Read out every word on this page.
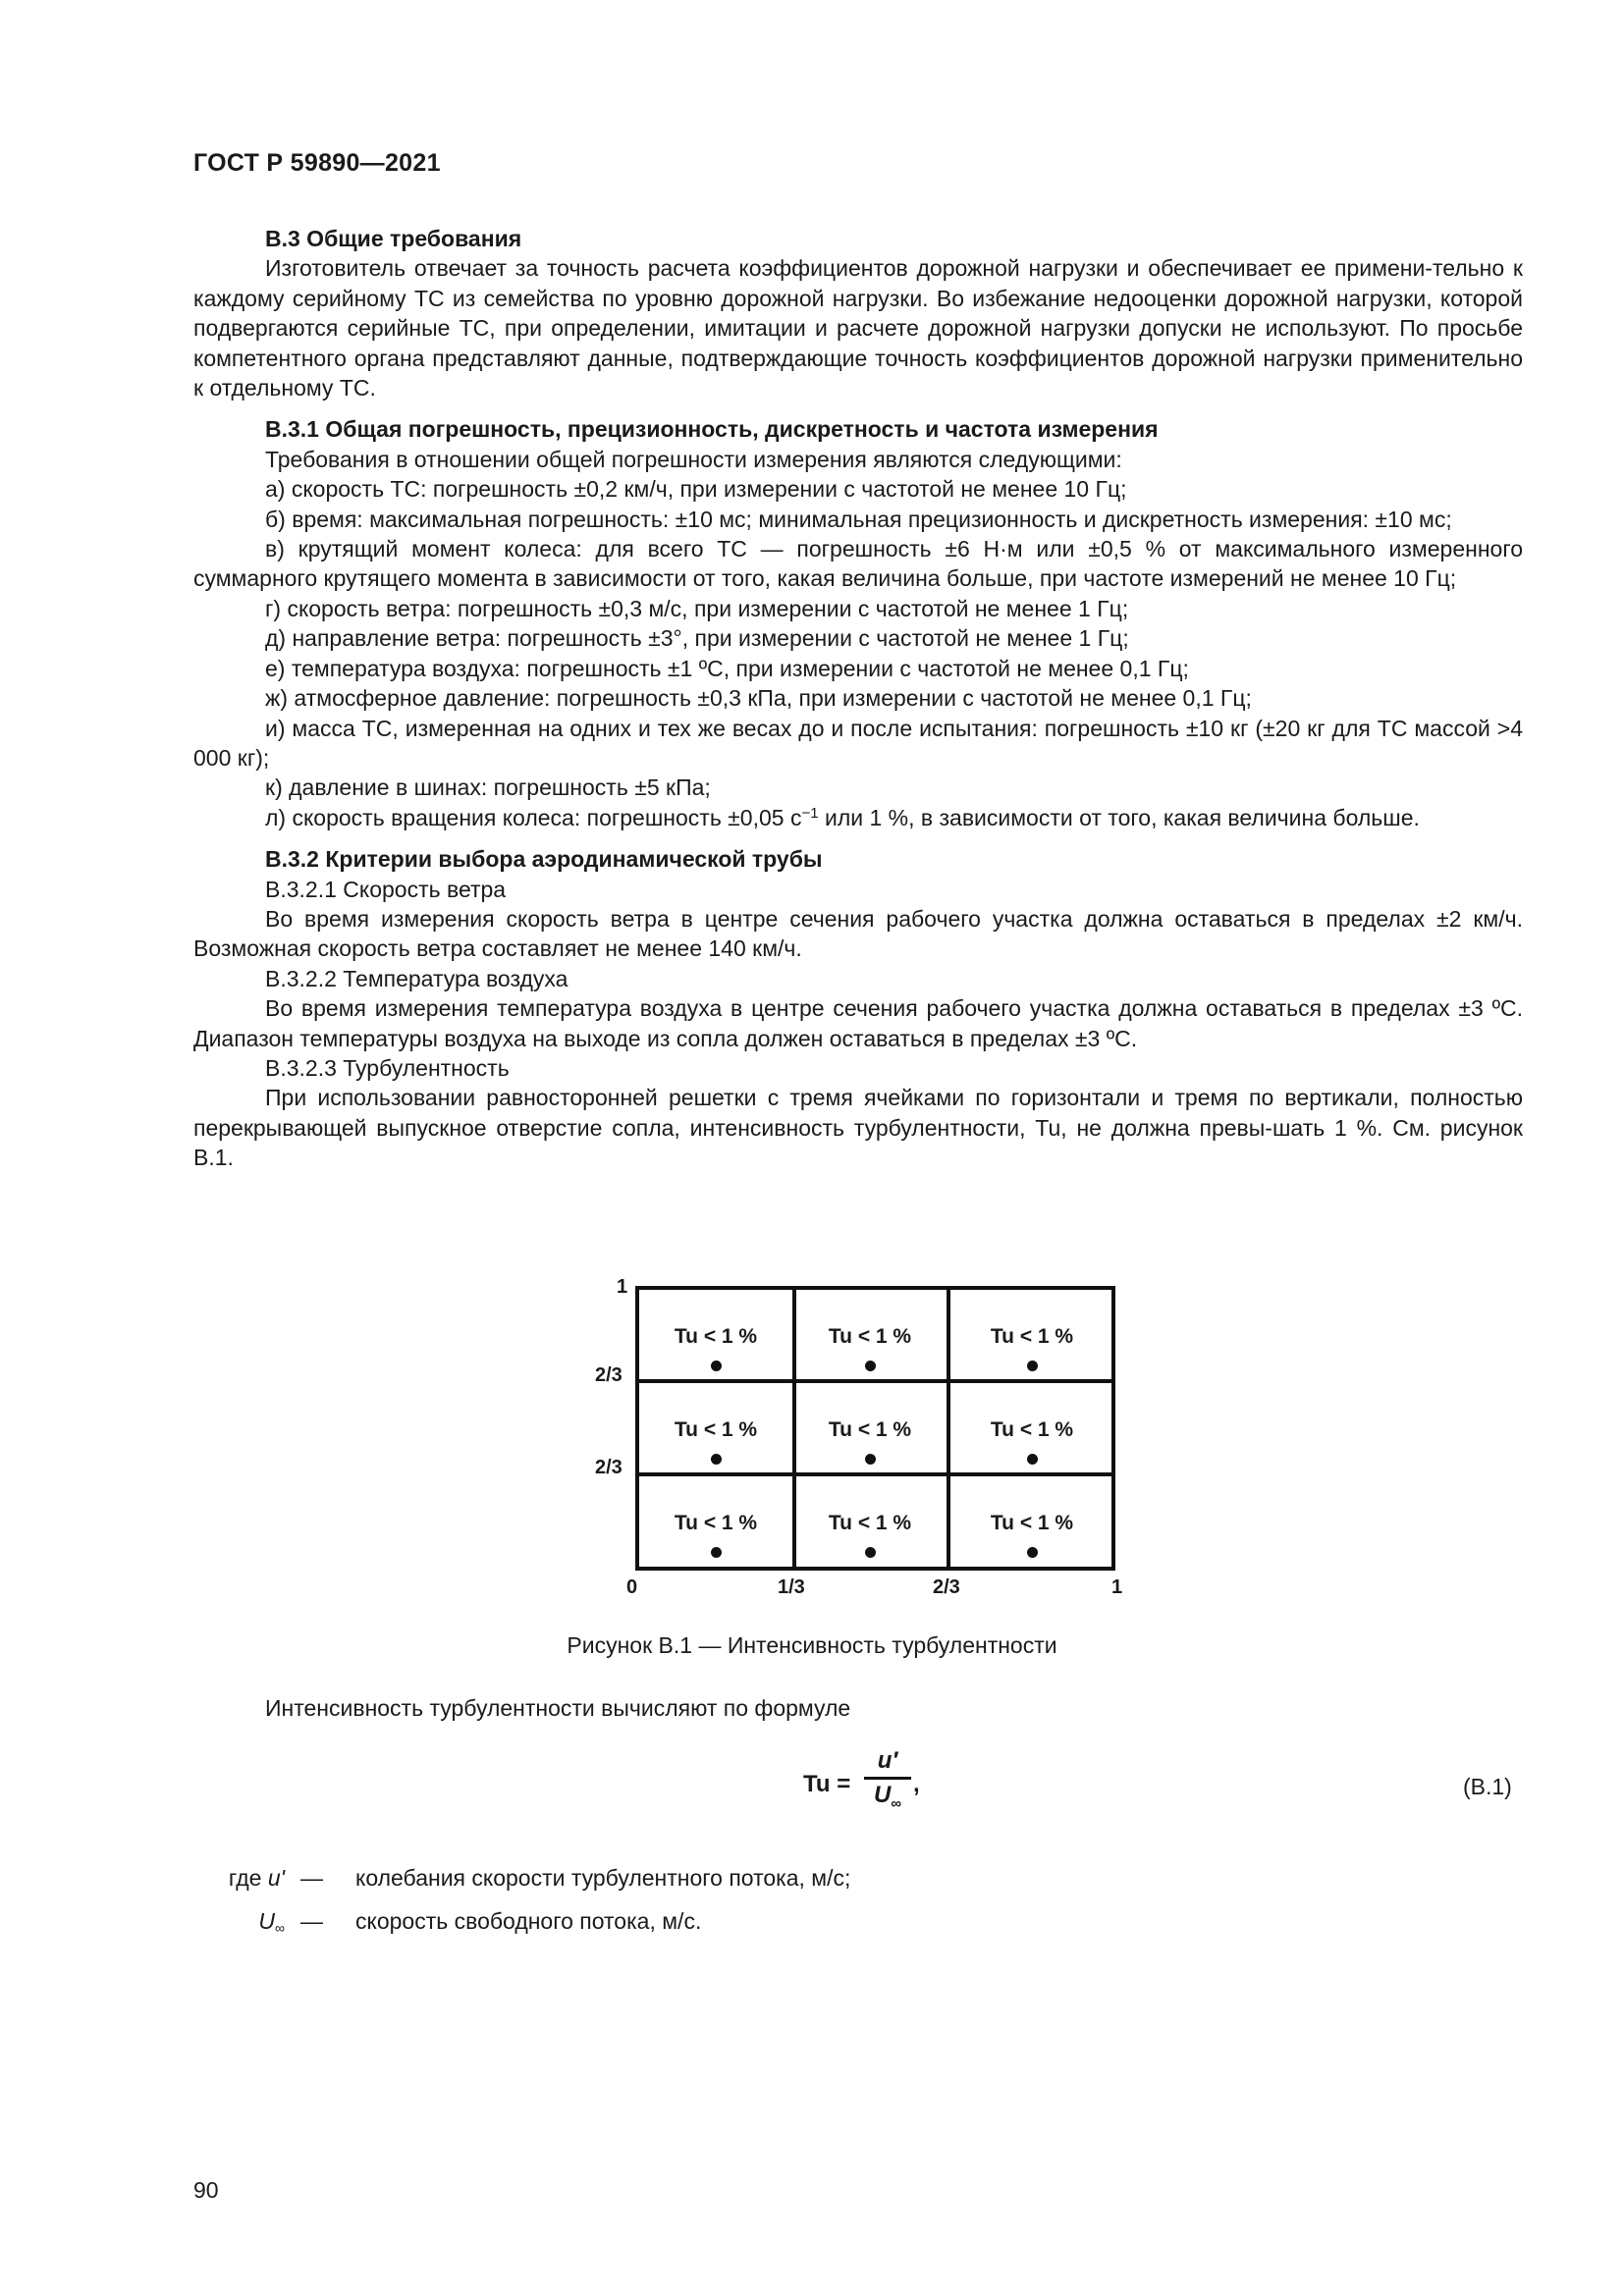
ГОСТ Р 59890—2021

В.3 Общие требования

Изготовитель отвечает за точность расчета коэффициентов дорожной нагрузки и обеспечивает ее примени-тельно к каждому серийному ТС из семейства по уровню дорожной нагрузки. Во избежание недооценки дорожной нагрузки, которой подвергаются серийные ТС, при определении, имитации и расчете дорожной нагрузки допуски не используют. По просьбе компетентного органа представляют данные, подтверждающие точность коэффициентов дорожной нагрузки применительно к отдельному ТС.

В.3.1 Общая погрешность, прецизионность, дискретность и частота измерения

Требования в отношении общей погрешности измерения являются следующими:

а) скорость ТС: погрешность ±0,2 км/ч, при измерении с частотой не менее 10 Гц;

б) время: максимальная погрешность: ±10 мс; минимальная прецизионность и дискретность измерения: ±10 мс;

в) крутящий момент колеса: для всего ТС — погрешность ±6 Н·м или ±0,5 % от максимального измеренного суммарного крутящего момента в зависимости от того, какая величина больше, при частоте измерений не менее 10 Гц;

г) скорость ветра: погрешность ±0,3 м/с, при измерении с частотой не менее 1 Гц;

д) направление ветра: погрешность ±3°, при измерении с частотой не менее 1 Гц;

е) температура воздуха: погрешность ±1 ºС, при измерении с частотой не менее 0,1 Гц;

ж) атмосферное давление: погрешность ±0,3 кПа, при измерении с частотой не менее 0,1 Гц;

и) масса ТС, измеренная на одних и тех же весах до и после испытания: погрешность ±10 кг (±20 кг для ТС массой >4 000 кг);

к) давление в шинах: погрешность ±5 кПа;

л) скорость вращения колеса: погрешность ±0,05 $с^{-1}$ или 1 %, в зависимости от того, какая величина больше.

В.3.2 Критерии выбора аэродинамической трубы

В.3.2.1 Скорость ветра

Во время измерения скорость ветра в центре сечения рабочего участка должна оставаться в пределах ±2 км/ч. Возможная скорость ветра составляет не менее 140 км/ч.

В.3.2.2 Температура воздуха

Во время измерения температура воздуха в центре сечения рабочего участка должна оставаться в пределах ±3 ºС. Диапазон температуры воздуха на выходе из сопла должен оставаться в пределах ±3 ºС.

В.3.2.3 Турбулентность

При использовании равносторонней решетки с тремя ячейками по горизонтали и тремя по вертикали, полностью перекрывающей выпускное отверстие сопла, интенсивность турбулентности, Tu, не должна превы-шать 1 %. См. рисунок В.1.

1
2/3
2/3
Tu < 1 %	Tu < 1 %	Tu < 1 %
Tu < 1 %	Tu < 1 %	Tu < 1 %
Tu < 1 %	Tu < 1 %	Tu < 1 %
0	1/3	2/3	1
Рисунок В.1 — Интенсивность турбулентности
Интенсивность турбулентности вычисляют по формуле
Tu =
u′
$U_\infty$
,	(B.1)
где u' — колебания скорости турбулентного потока, м/с;
$U_\infty$ — скорость свободного потока, м/с.
90
